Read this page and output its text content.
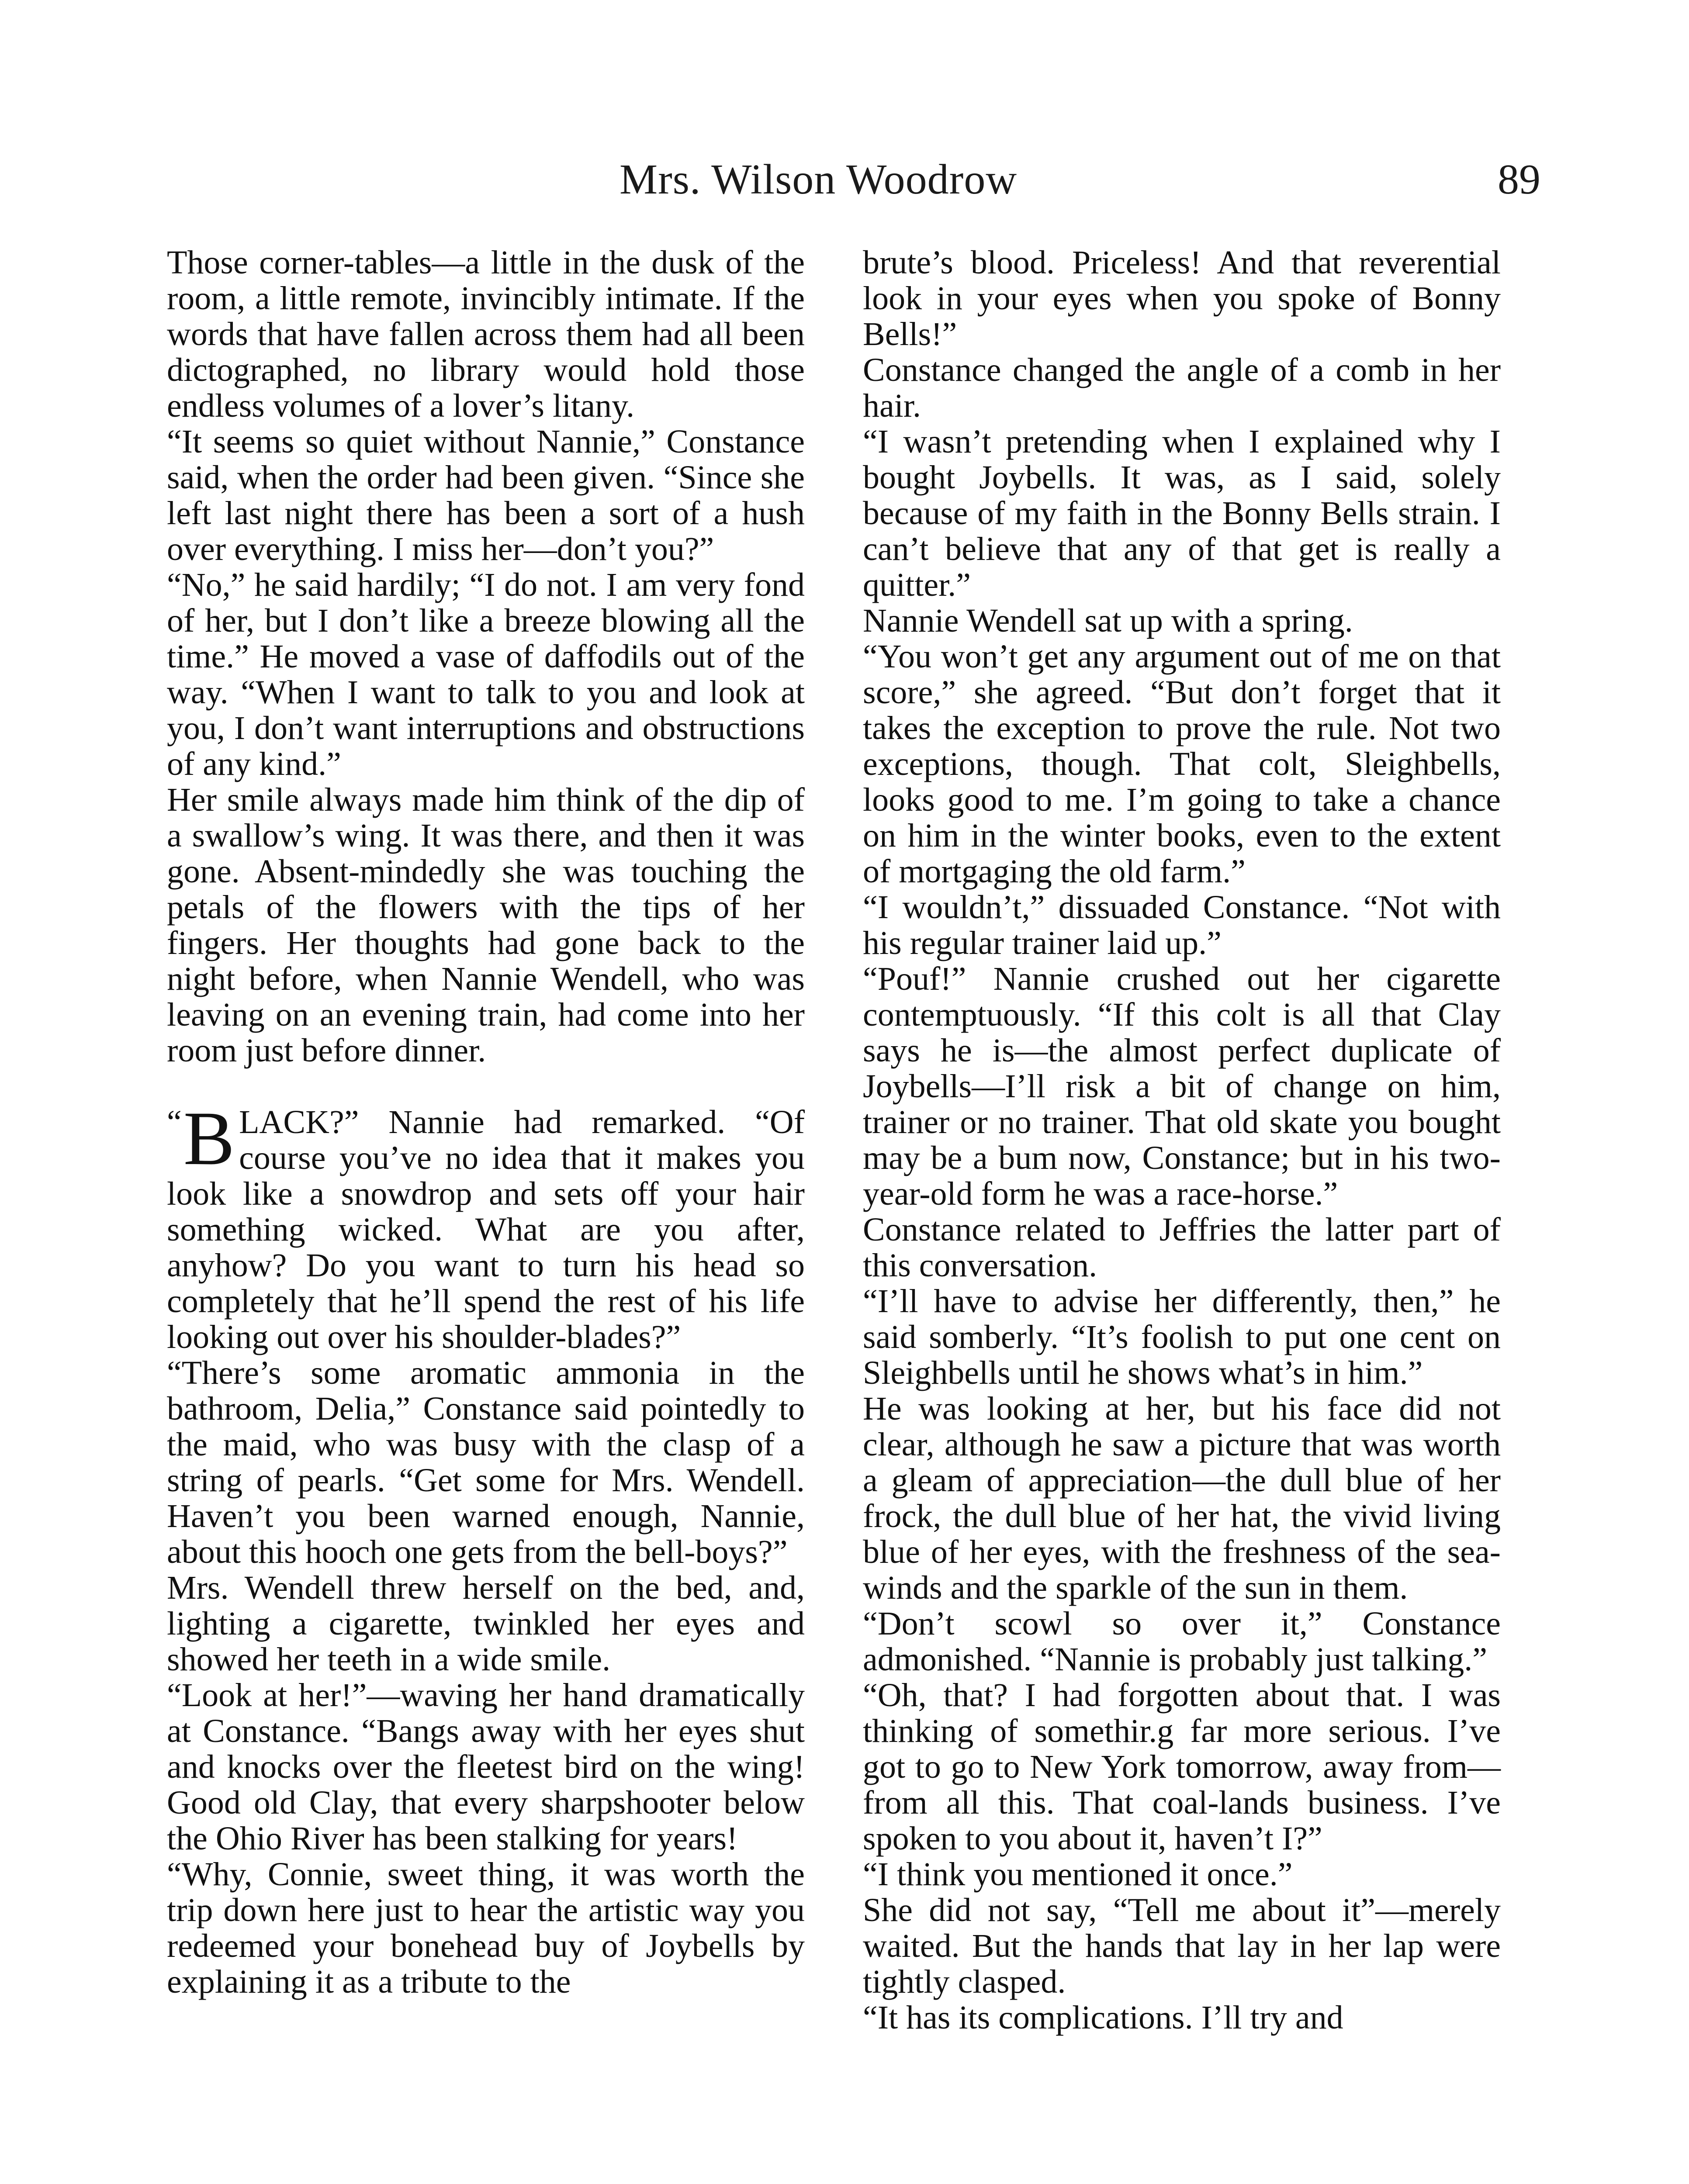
Mrs. Wilson Woodrow	89

Those corner-tables—a little in the dusk of the room, a little remote, invincibly intimate. If the words that have fallen across them had all been dictographed, no library would hold those endless volumes of a lover’s litany.

“It seems so quiet without Nannie,” Constance said, when the order had been given. “Since she left last night there has been a sort of a hush over everything. I miss her—don’t you?”

“No,” he said hardily; “I do not. I am very fond of her, but I don’t like a breeze blowing all the time.” He moved a vase of daffodils out of the way. “When I want to talk to you and look at you, I don’t want interruptions and obstructions of any kind.”

Her smile always made him think of the dip of a swallow’s wing. It was there, and then it was gone. Absent-mindedly she was touching the petals of the flowers with the tips of her fingers. Her thoughts had gone back to the night before, when Nannie Wendell, who was leaving on an evening train, had come into her room just before dinner.

“ B LACK?” Nannie had remarked. “Of course you’ve no idea that it makes you look like a snowdrop and sets off your hair something wicked. What are you after, anyhow? Do you want to turn his head so completely that he’ll spend the rest of his life looking out over his shoulder-blades?”

“There’s some aromatic ammonia in the bathroom, Delia,” Constance said pointedly to the maid, who was busy with the clasp of a string of pearls. “Get some for Mrs. Wendell. Haven’t you been warned enough, Nannie, about this hooch one gets from the bell-boys?”

Mrs. Wendell threw herself on the bed, and, lighting a cigarette, twinkled her eyes and showed her teeth in a wide smile.

“Look at her!”—waving her hand dramatically at Constance. “Bangs away with her eyes shut and knocks over the fleetest bird on the wing! Good old Clay, that every sharpshooter below the Ohio River has been stalking for years!

“Why, Connie, sweet thing, it was worth the trip down here just to hear the artistic way you redeemed your bonehead buy of Joybells by explaining it as a tribute to the

brute’s blood. Priceless! And that reverential look in your eyes when you spoke of Bonny Bells!”

Constance changed the angle of a comb in her hair.

“I wasn’t pretending when I explained why I bought Joybells. It was, as I said, solely because of my faith in the Bonny Bells strain. I can’t believe that any of that get is really a quitter.”

Nannie Wendell sat up with a spring.

“You won’t get any argument out of me on that score,” she agreed. “But don’t forget that it takes the exception to prove the rule. Not two exceptions, though. That colt, Sleighbells, looks good to me. I’m going to take a chance on him in the winter books, even to the extent of mortgaging the old farm.”

“I wouldn’t,” dissuaded Constance. “Not with his regular trainer laid up.”

“Pouf!” Nannie crushed out her cigarette contemptuously. “If this colt is all that Clay says he is—the almost perfect duplicate of Joybells—I’ll risk a bit of change on him, trainer or no trainer. That old skate you bought may be a bum now, Constance; but in his two-year-old form he was a race-horse.”

Constance related to Jeffries the latter part of this conversation.

“I’ll have to advise her differently, then,” he said somberly. “It’s foolish to put one cent on Sleighbells until he shows what’s in him.”

He was looking at her, but his face did not clear, although he saw a picture that was worth a gleam of appreciation—the dull blue of her frock, the dull blue of her hat, the vivid living blue of her eyes, with the freshness of the sea-winds and the sparkle of the sun in them.

“Don’t scowl so over it,” Constance admonished. “Nannie is probably just talking.”

“Oh, that? I had forgotten about that. I was thinking of somethir.g far more serious. I’ve got to go to New York tomorrow, away from—from all this. That coal-lands business. I’ve spoken to you about it, haven’t I?”

“I think you mentioned it once.”

She did not say, “Tell me about it”—merely waited. But the hands that lay in her lap were tightly clasped.

“It has its complications. I’ll try and
